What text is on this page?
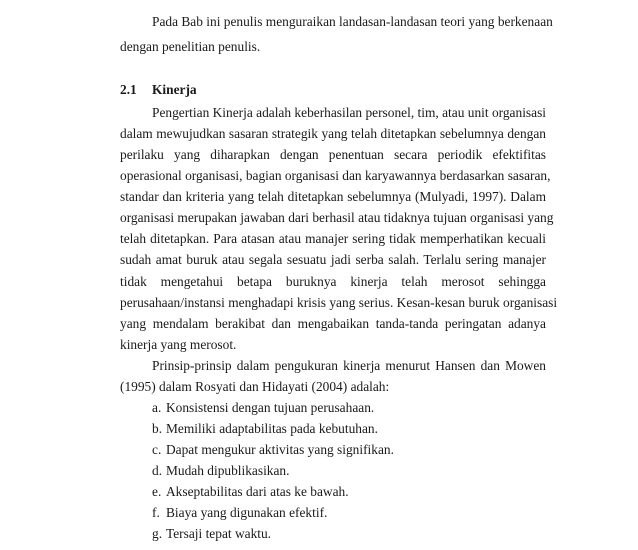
Pada Bab ini penulis menguraikan landasan-landasan teori yang berkenaan
dengan penelitian penulis.
2.1 Kinerja
Pengertian Kinerja adalah keberhasilan personel, tim, atau unit organisasi
dalam mewujudkan sasaran strategik yang telah ditetapkan sebelumnya dengan
perilaku yang diharapkan dengan penentuan secara periodik efektifitas
operasional organisasi, bagian organisasi dan karyawannya berdasarkan sasaran,
standar dan kriteria yang telah ditetapkan sebelumnya (Mulyadi, 1997). Dalam
organisasi merupakan jawaban dari berhasil atau tidaknya tujuan organisasi yang
telah ditetapkan. Para atasan atau manajer sering tidak memperhatikan kecuali
sudah amat buruk atau segala sesuatu jadi serba salah. Terlalu sering manajer
tidak mengetahui betapa buruknya kinerja telah merosot sehingga
perusahaan/instansi menghadapi krisis yang serius. Kesan-kesan buruk organisasi
yang mendalam berakibat dan mengabaikan tanda-tanda peringatan adanya
kinerja yang merosot.
Prinsip-prinsip dalam pengukuran kinerja menurut Hansen dan Mowen
(1995) dalam Rosyati dan Hidayati (2004) adalah:
a. Konsistensi dengan tujuan perusahaan.
b. Memiliki adaptabilitas pada kebutuhan.
c. Dapat mengukur aktivitas yang signifikan.
d. Mudah dipublikasikan.
e. Akseptabilitas dari atas ke bawah.
f. Biaya yang digunakan efektif.
g. Tersaji tepat waktu.
